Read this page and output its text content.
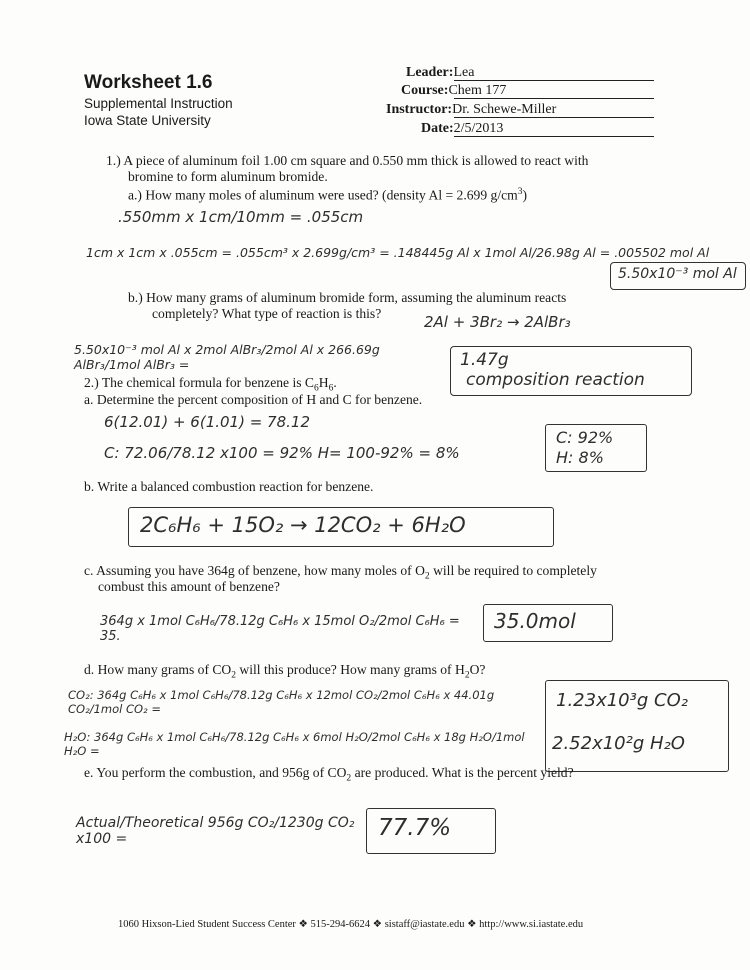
Worksheet 1.6
Supplemental Instruction
Iowa State University
Leader:Lea
Course:Chem 177
Instructor:Dr. Schewe-Miller
Date:2/5/2013
1.) A piece of aluminum foil 1.00 cm square and 0.550 mm thick is allowed to react with
bromine to form aluminum bromide.
a.) How many moles of aluminum were used? (density Al = 2.699 $g/cm^3$)
.550mm x 1cm/10mm = .055cm
1cm x 1cm x .055cm = .055cm³ x 2.699g/cm³ = .148445g Al x 1mol Al/26.98g Al = .005502 mol Al
5.50x10⁻³ mol Al
b.) How many grams of aluminum bromide form, assuming the aluminum reacts
completely? What type of reaction is this?	2Al + 3Br₂ → 2AlBr₃
5.50x10⁻³ mol Al x 2mol AlBr₃/2mol Al x 266.69g AlBr₃/1mol AlBr₃ =	1.47g
composition reaction
2.) The chemical formula for benzene is $C_6H_6$.
a. Determine the percent composition of H and C for benzene.
6(12.01) + 6(1.01) = 78.12
C: 72.06/78.12 x100 = 92% H= 100-92% = 8%
C: 92%
H: 8%
b. Write a balanced combustion reaction for benzene.
2C₆H₆ + 15O₂ → 12CO₂ + 6H₂O
c. Assuming you have 364g of benzene, how many moles of $O_2$ will be required to completely
combust this amount of benzene?
364g x 1mol C₆H₆/78.12g C₆H₆ x 15mol O₂/2mol C₆H₆ = 35.
35.0mol
d. How many grams of $CO_2$ will this produce? How many grams of $H_2O$?
CO₂: 364g C₆H₆ x 1mol C₆H₆/78.12g C₆H₆ x 12mol CO₂/2mol C₆H₆ x 44.01g CO₂/1mol CO₂ =
H₂O: 364g C₆H₆ x 1mol C₆H₆/78.12g C₆H₆ x 6mol H₂O/2mol C₆H₆ x 18g H₂O/1mol H₂O =
1.23x10³g CO₂
2.52x10²g H₂O
e. You perform the combustion, and 956g of $CO_2$ are produced. What is the percent yield?
Actual/Theoretical 956g CO₂/1230g CO₂ x100 =	77.7%
1060 Hixson-Lied Student Success Center ❖ 515-294-6624 ❖ sistaff@iastate.edu ❖ http://www.si.iastate.edu
